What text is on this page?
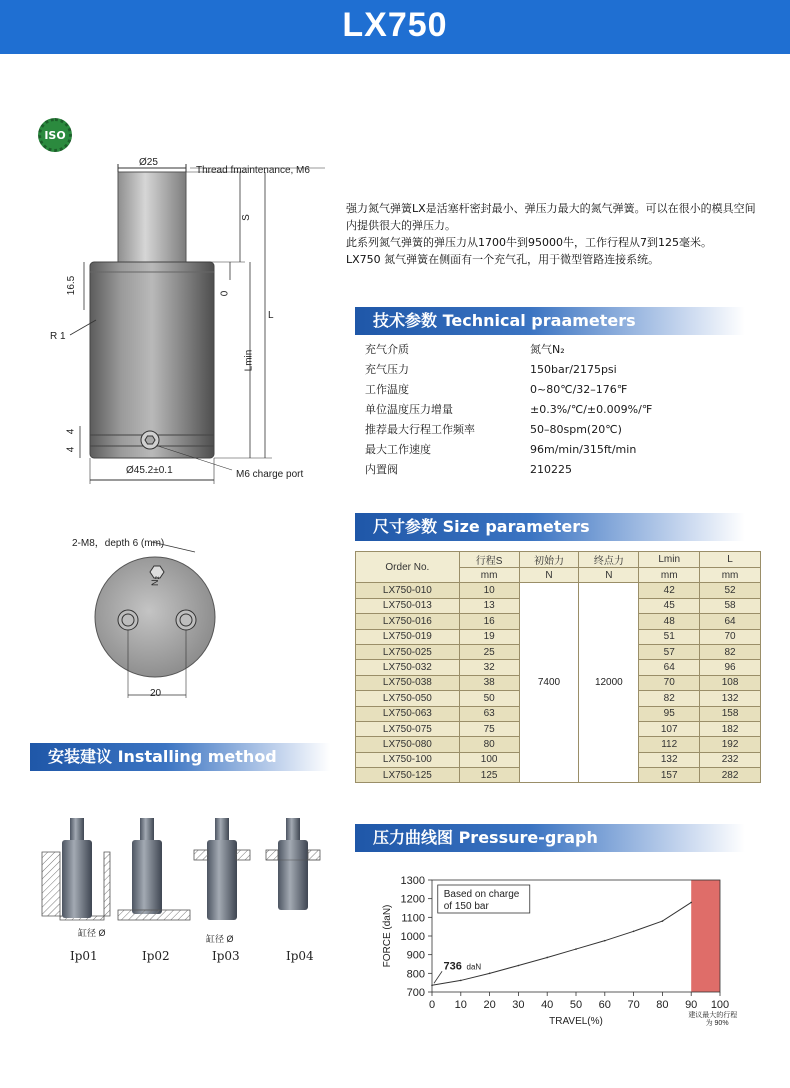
LX750
ISO
Ø25
Thread fmaintenance, M6
S
16.5	0
L
R 1
Lmin
4
4
Ø45.2±0.1	M6 charge port

强力氮气弹簧LX是活塞杆密封最小、弹压力最大的氮气弹簧。可以在很小的模具空间内提供很大的弹压力。

此系列氮气弹簧的弹压力从1700牛到95000牛，工作行程从7到125毫米。

LX750 氮气弹簧在侧面有一个充气孔，用于微型管路连接系统。

技术参数 Technical praameters
充气介质	氮气N₂
充气压力	150bar/2175psi
工作温度	0~80℃/32–176℉
单位温度压力增量	±0.3%/℃/±0.009%/℉
推荐最大行程工作频率	50–80spm(20℃)
最大工作速度	96m/min/315ft/min
内置阀	210225
2-M8，depth 6 (mm)
N₂
20
尺寸参数 Size parameters
Order No.	行程S	初始力	终点力	Lmin	L
	mm	N	N	mm	mm
LX750-010	10	7400	12000	42	52
LX750-013	13			45	58
LX750-016	16			48	64
LX750-019	19			51	70
LX750-025	25			57	82
LX750-032	32			64	96
LX750-038	38			70	108
LX750-050	50			82	132
LX750-063	63			95	158
LX750-075	75			107	182
LX750-080	80			112	192
LX750-100	100			132	232
LX750-125	125			157	282
安装建议 Installing method
缸径 Ø
缸径 Ø
Ip01	Ip02	Ip03	Ip04
压力曲线图 Pressure-graph
700
800
900
1000
1100
1200
1300
0 10 20 30 40 50 60 70 80 90 100
TRAVEL(%)
FORCE (daN)
Based on charge
of 150 bar
736 daN
建议最大的行程
为 90%
